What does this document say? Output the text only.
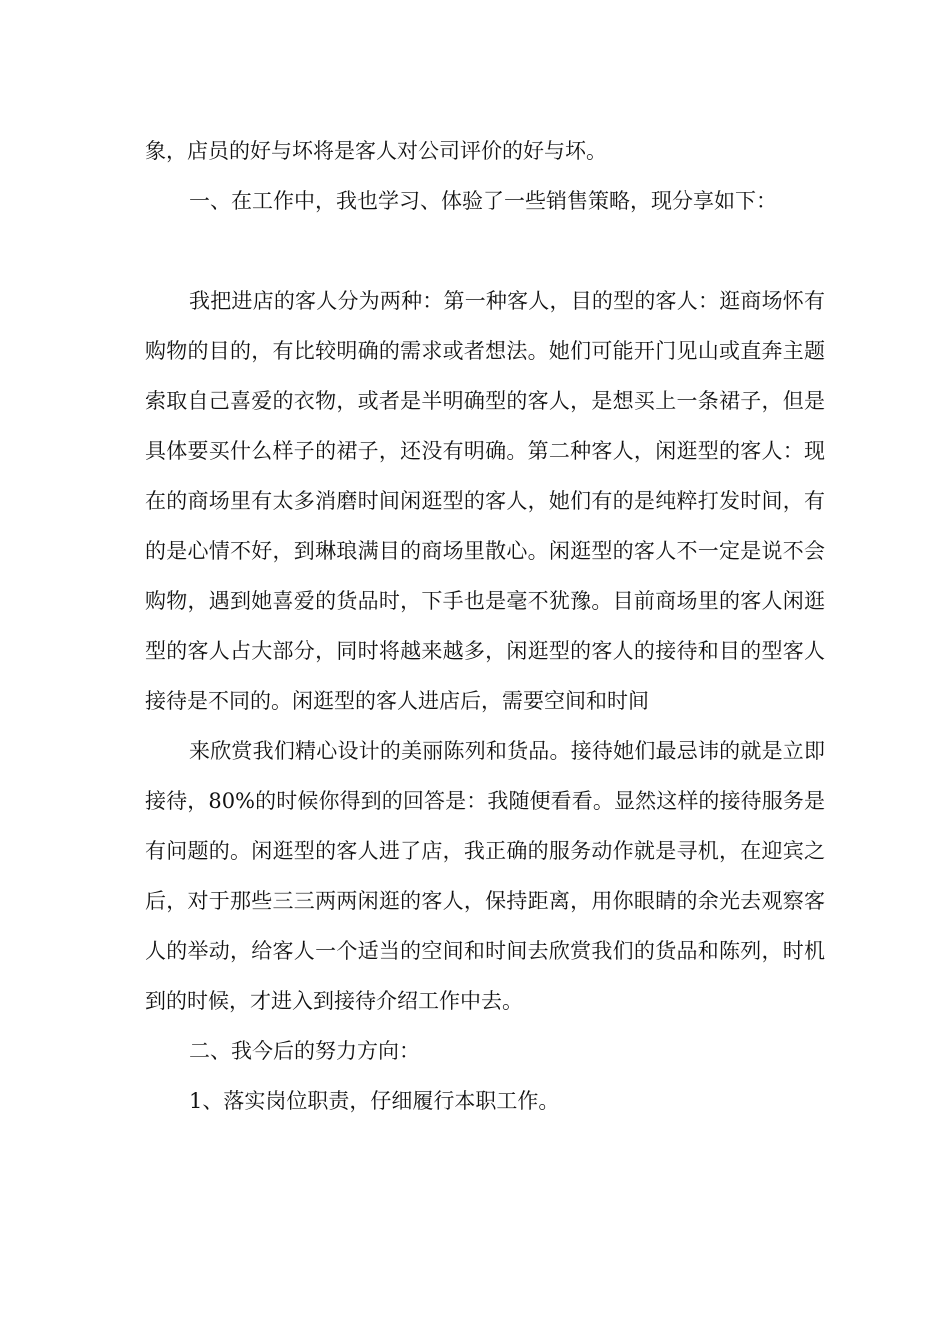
象，店员的好与坏将是客人对公司评价的好与坏。

一、在工作中，我也学习、体验了一些销售策略，现分享如下：

我把进店的客人分为两种：第一种客人，目的型的客人：逛商场怀有购物的目的，有比较明确的需求或者想法。她们可能开门见山或直奔主题索取自己喜爱的衣物，或者是半明确型的客人，是想买上一条裙子，但是具体要买什么样子的裙子，还没有明确。第二种客人，闲逛型的客人：现在的商场里有太多消磨时间闲逛型的客人，她们有的是纯粹打发时间，有的是心情不好，到琳琅满目的商场里散心。闲逛型的客人不一定是说不会购物，遇到她喜爱的货品时，下手也是毫不犹豫。目前商场里的客人闲逛型的客人占大部分，同时将越来越多，闲逛型的客人的接待和目的型客人接待是不同的。闲逛型的客人进店后，需要空间和时间

来欣赏我们精心设计的美丽陈列和货品。接待她们最忌讳的就是立即接待，80%的时候你得到的回答是：我随便看看。显然这样的接待服务是有问题的。闲逛型的客人进了店，我正确的服务动作就是寻机，在迎宾之后，对于那些三三两两闲逛的客人，保持距离，用你眼睛的余光去观察客人的举动，给客人一个适当的空间和时间去欣赏我们的货品和陈列，时机到的时候，才进入到接待介绍工作中去。

二、我今后的努力方向：

1、落实岗位职责，仔细履行本职工作。
